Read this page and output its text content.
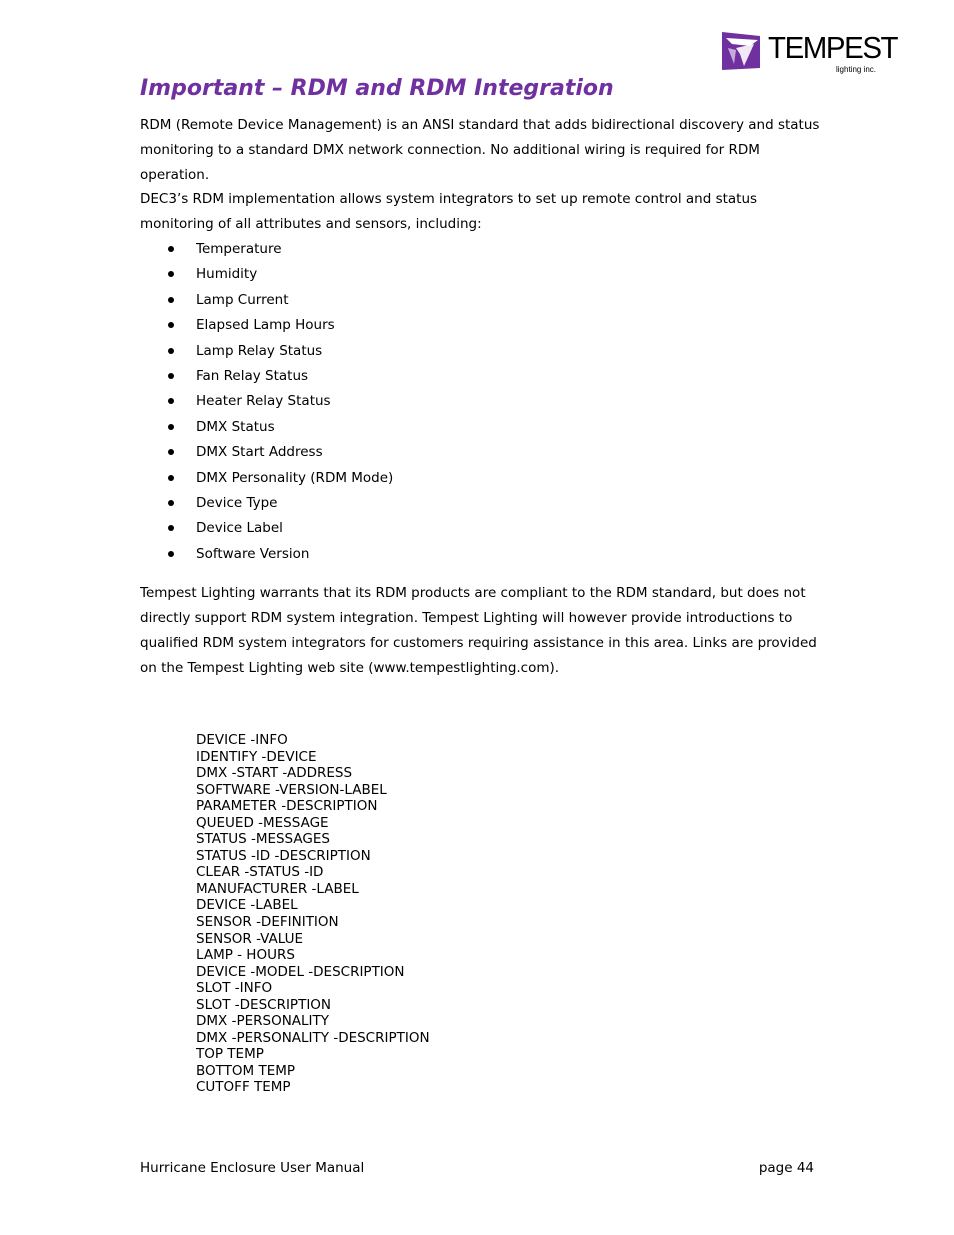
TEMPEST
lighting inc.
Important – RDM and RDM Integration

RDM (Remote Device Management) is an ANSI standard that adds bidirectional discovery and status monitoring to a standard DMX network connection. No additional wiring is required for RDM operation.

DEC3’s RDM implementation allows system integrators to set up remote control and status monitoring of all attributes and sensors, including:

Temperature
Humidity
Lamp Current
Elapsed Lamp Hours
Lamp Relay Status
Fan Relay Status
Heater Relay Status
DMX Status
DMX Start Address
DMX Personality (RDM Mode)
Device Type
Device Label
Software Version

Tempest Lighting warrants that its RDM products are compliant to the RDM standard, but does not directly support RDM system integration. Tempest Lighting will however provide introductions to qualified RDM system integrators for customers requiring assistance in this area. Links are provided on the Tempest Lighting web site (www.tempestlighting.com).

DEVICE -INFO
IDENTIFY -DEVICE
DMX -START -ADDRESS
SOFTWARE -VERSION-LABEL
PARAMETER -DESCRIPTION
QUEUED -MESSAGE
STATUS -MESSAGES
STATUS -ID -DESCRIPTION
CLEAR -STATUS -ID
MANUFACTURER -LABEL
DEVICE -LABEL
SENSOR -DEFINITION
SENSOR -VALUE
LAMP - HOURS
DEVICE -MODEL -DESCRIPTION
SLOT -INFO
SLOT -DESCRIPTION
DMX -PERSONALITY
DMX -PERSONALITY -DESCRIPTION
TOP TEMP
BOTTOM TEMP
CUTOFF TEMP
Hurricane Enclosure User Manual	page 44
